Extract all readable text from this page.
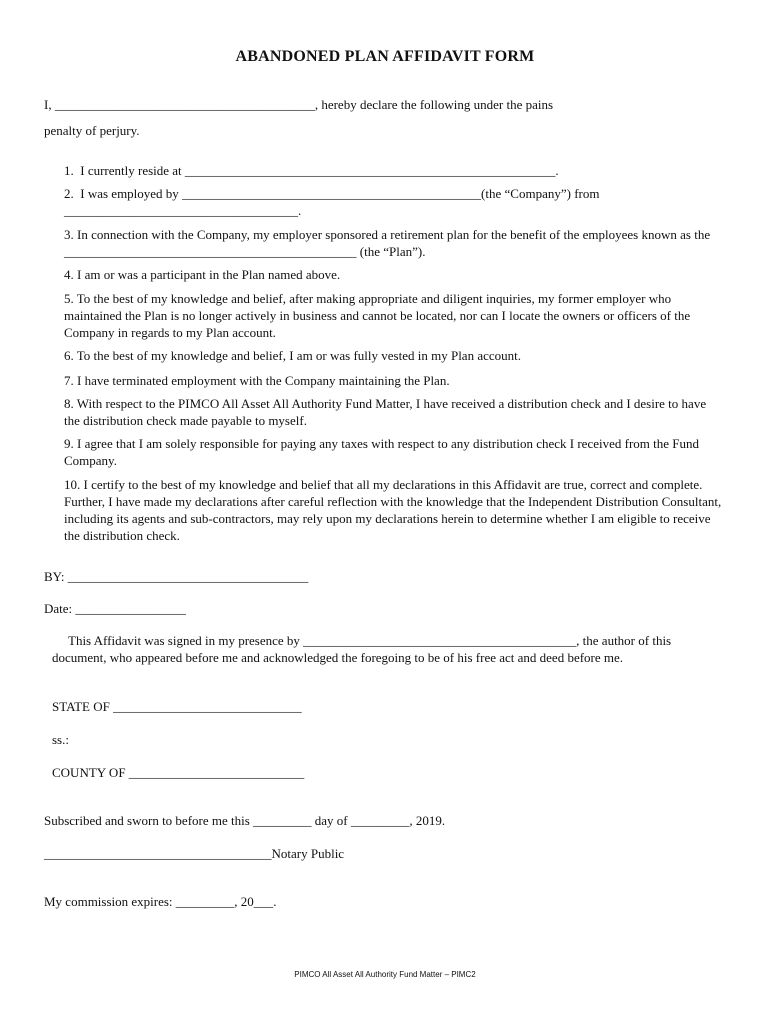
ABANDONED PLAN AFFIDAVIT FORM
I, ________________________________________, hereby declare the following under the pains
penalty of perjury.
1.  I currently reside at _________________________________________________________.
2.  I was employed by ______________________________________________(the “Company”) from
____________________________________.
3. In connection with the Company, my employer sponsored a retirement plan for the benefit of the employees known as the _____________________________________________ (the “Plan”).
4. I am or was a participant in the Plan named above.
5. To the best of my knowledge and belief, after making appropriate and diligent inquiries, my former employer who maintained the Plan is no longer actively in business and cannot be located, nor can I locate the owners or officers of the Company in regards to my Plan account.
6. To the best of my knowledge and belief, I am or was fully vested in my Plan account.
7. I have terminated employment with the Company maintaining the Plan.
8. With respect to the PIMCO All Asset All Authority Fund Matter, I have received a distribution check and I desire to have the distribution check made payable to myself.
9. I agree that I am solely responsible for paying any taxes with respect to any distribution check I received from the Fund Company.
10. I certify to the best of my knowledge and belief that all my declarations in this Affidavit are true, correct and complete. Further, I have made my declarations after careful reflection with the knowledge that the Independent Distribution Consultant, including its agents and sub-contractors, may rely upon my declarations herein to determine whether I am eligible to receive the distribution check.
BY: _____________________________________
Date: _________________
This Affidavit was signed in my presence by __________________________________________, the author of this document, who appeared before me and acknowledged the foregoing to be of his free act and deed before me.
STATE OF _____________________________
ss.:
COUNTY OF ___________________________
Subscribed and sworn to before me this _________ day of _________, 2019.
___________________________________Notary Public
My commission expires: _________, 20___.
PIMCO All Asset All Authority Fund Matter – PIMC2
